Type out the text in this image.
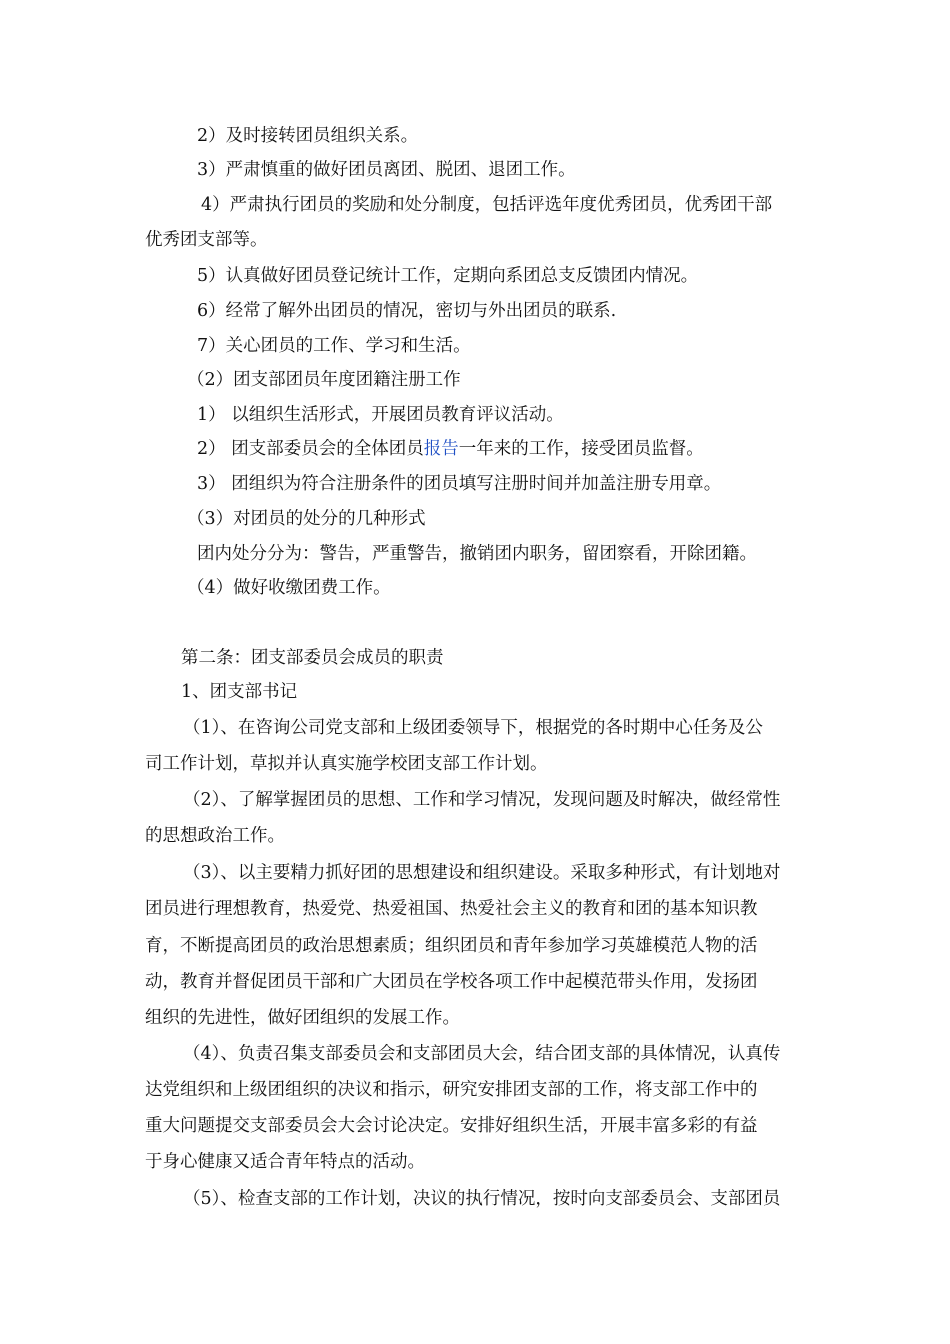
2）及时接转团员组织关系。
3）严肃慎重的做好团员离团、脱团、退团工作。
4）严肃执行团员的奖励和处分制度，包括评选年度优秀团员，优秀团干部
优秀团支部等。
5）认真做好团员登记统计工作，定期向系团总支反馈团内情况。
6）经常了解外出团员的情况，密切与外出团员的联系.
7）关心团员的工作、学习和生活。
（2）团支部团员年度团籍注册工作
1） 以组织生活形式，开展团员教育评议活动。
2） 团支部委员会的全体团员报告一年来的工作，接受团员监督。
3） 团组织为符合注册条件的团员填写注册时间并加盖注册专用章。
（3）对团员的处分的几种形式
团内处分分为：警告，严重警告，撤销团内职务，留团察看，开除团籍。
（4）做好收缴团费工作。
第二条：团支部委员会成员的职责
1、团支部书记
（1）、在咨询公司党支部和上级团委领导下，根据党的各时期中心任务及公
司工作计划，草拟并认真实施学校团支部工作计划。
（2）、了解掌握团员的思想、工作和学习情况，发现问题及时解决，做经常性
的思想政治工作。
（3）、以主要精力抓好团的思想建设和组织建设。采取多种形式，有计划地对
团员进行理想教育，热爱党、热爱祖国、热爱社会主义的教育和团的基本知识教
育，不断提高团员的政治思想素质；组织团员和青年参加学习英雄模范人物的活
动，教育并督促团员干部和广大团员在学校各项工作中起模范带头作用，发扬团
组织的先进性，做好团组织的发展工作。
（4）、负责召集支部委员会和支部团员大会，结合团支部的具体情况，认真传
达党组织和上级团组织的决议和指示，研究安排团支部的工作，将支部工作中的
重大问题提交支部委员会大会讨论决定。安排好组织生活，开展丰富多彩的有益
于身心健康又适合青年特点的活动。
（5）、检查支部的工作计划，决议的执行情况，按时向支部委员会、支部团员
